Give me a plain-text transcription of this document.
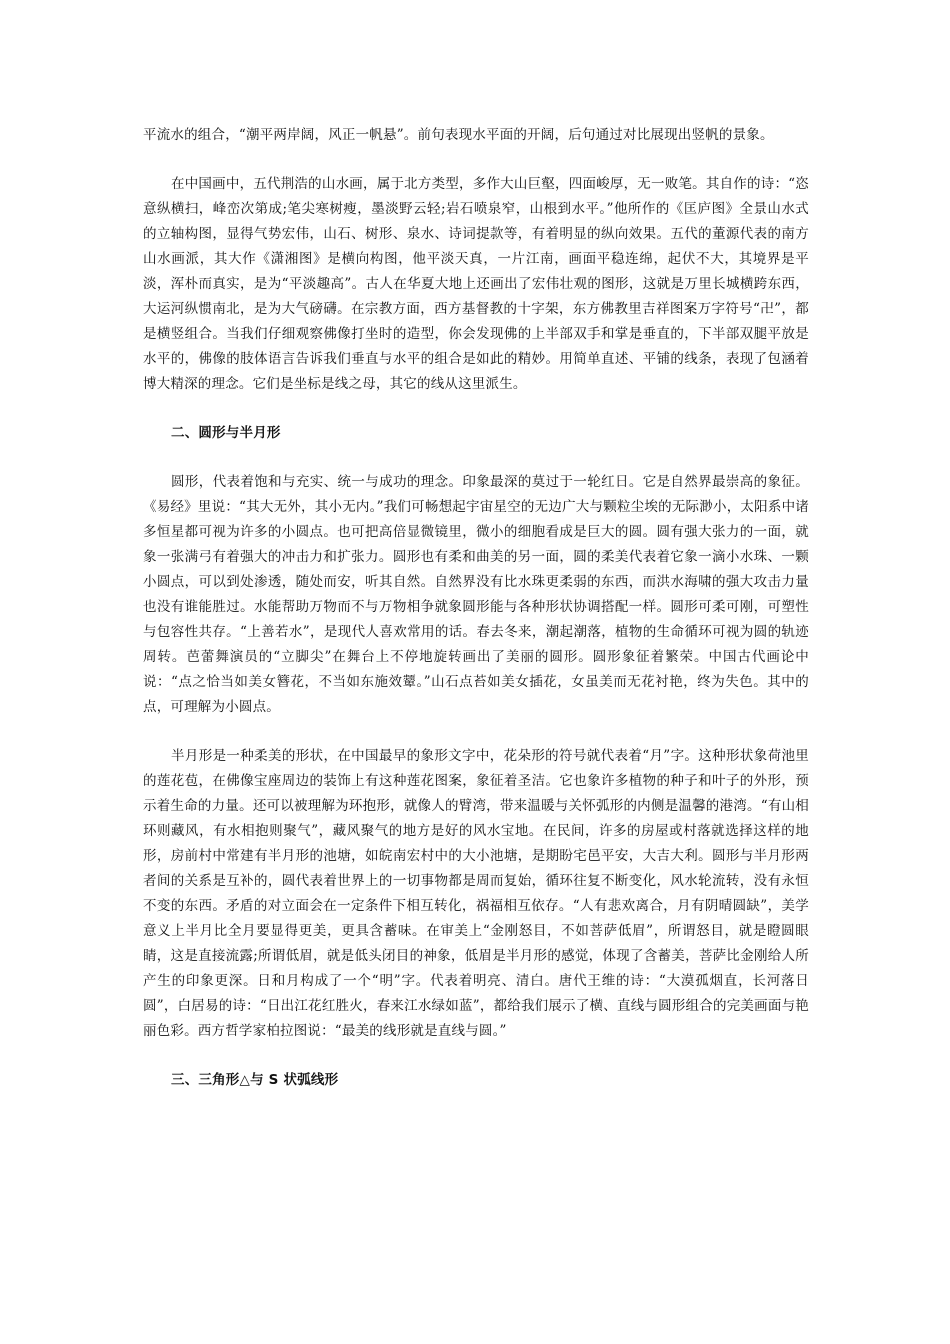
平流水的组合，“潮平两岸阔，风正一帆悬”。前句表现水平面的开阔，后句通过对比展现出竖帆的景象。

在中国画中，五代荆浩的山水画，属于北方类型，多作大山巨壑，四面峻厚，无一败笔。其自作的诗：“恣意纵横扫，峰峦次第成;笔尖寒树瘦，墨淡野云轻;岩石喷泉窄，山根到水平。”他所作的《匡庐图》全景山水式的立轴构图，显得气势宏伟，山石、树形、泉水、诗词提款等，有着明显的纵向效果。五代的董源代表的南方山水画派，其大作《潇湘图》是横向构图，他平淡天真，一片江南，画面平稳连绵，起伏不大，其境界是平淡，浑朴而真实，是为“平淡趣高”。古人在华夏大地上还画出了宏伟壮观的图形，这就是万里长城横跨东西，大运河纵惯南北，是为大气磅礴。在宗教方面，西方基督教的十字架，东方佛教里吉祥图案万字符号“卍”，都是横竖组合。当我们仔细观察佛像打坐时的造型，你会发现佛的上半部双手和掌是垂直的，下半部双腿平放是水平的，佛像的肢体语言告诉我们垂直与水平的组合是如此的精妙。用简单直述、平铺的线条，表现了包涵着博大精深的理念。它们是坐标是线之母，其它的线从这里派生。

二、圆形与半月形

圆形，代表着饱和与充实、统一与成功的理念。印象最深的莫过于一轮红日。它是自然界最崇高的象征。《易经》里说：“其大无外，其小无内。”我们可畅想起宇宙星空的无边广大与颗粒尘埃的无际渺小，太阳系中诸多恒星都可视为许多的小圆点。也可把高倍显微镜里，微小的细胞看成是巨大的圆。圆有强大张力的一面，就象一张满弓有着强大的冲击力和扩张力。圆形也有柔和曲美的另一面，圆的柔美代表着它象一滴小水珠、一颗小圆点，可以到处渗透，随处而安，听其自然。自然界没有比水珠更柔弱的东西，而洪水海啸的强大攻击力量也没有谁能胜过。水能帮助万物而不与万物相争就象圆形能与各种形状协调搭配一样。圆形可柔可刚，可塑性与包容性共存。“上善若水”，是现代人喜欢常用的话。春去冬来，潮起潮落，植物的生命循环可视为圆的轨迹周转。芭蕾舞演员的“立脚尖”在舞台上不停地旋转画出了美丽的圆形。圆形象征着繁荣。中国古代画论中说：“点之恰当如美女簪花，不当如东施效颦。”山石点苔如美女插花，女虽美而无花衬艳，终为失色。其中的点，可理解为小圆点。

半月形是一种柔美的形状，在中国最早的象形文字中，花朵形的符号就代表着“月”字。这种形状象荷池里的莲花苞，在佛像宝座周边的装饰上有这种莲花图案，象征着圣洁。它也象许多植物的种子和叶子的外形，预示着生命的力量。还可以被理解为环抱形，就像人的臂湾，带来温暖与关怀弧形的内侧是温馨的港湾。“有山相环则藏风，有水相抱则聚气”，藏风聚气的地方是好的风水宝地。在民间，许多的房屋或村落就选择这样的地形，房前村中常建有半月形的池塘，如皖南宏村中的大小池塘，是期盼宅邑平安，大吉大利。圆形与半月形两者间的关系是互补的，圆代表着世界上的一切事物都是周而复始，循环往复不断变化，风水轮流转，没有永恒不变的东西。矛盾的对立面会在一定条件下相互转化，祸福相互依存。“人有悲欢离合，月有阴晴圆缺”，美学意义上半月比全月要显得更美，更具含蓄味。在审美上“金刚怒目，不如菩萨低眉”，所谓怒目，就是瞪圆眼睛，这是直接流露;所谓低眉，就是低头闭目的神象，低眉是半月形的感觉，体现了含蓄美，菩萨比金刚给人所产生的印象更深。日和月构成了一个“明”字。代表着明亮、清白。唐代王维的诗：“大漠孤烟直，长河落日圆”，白居易的诗：“日出江花红胜火，春来江水绿如蓝”，都给我们展示了横、直线与圆形组合的完美画面与艳丽色彩。西方哲学家柏拉图说：“最美的线形就是直线与圆。”

三、三角形△与 S 状弧线形
